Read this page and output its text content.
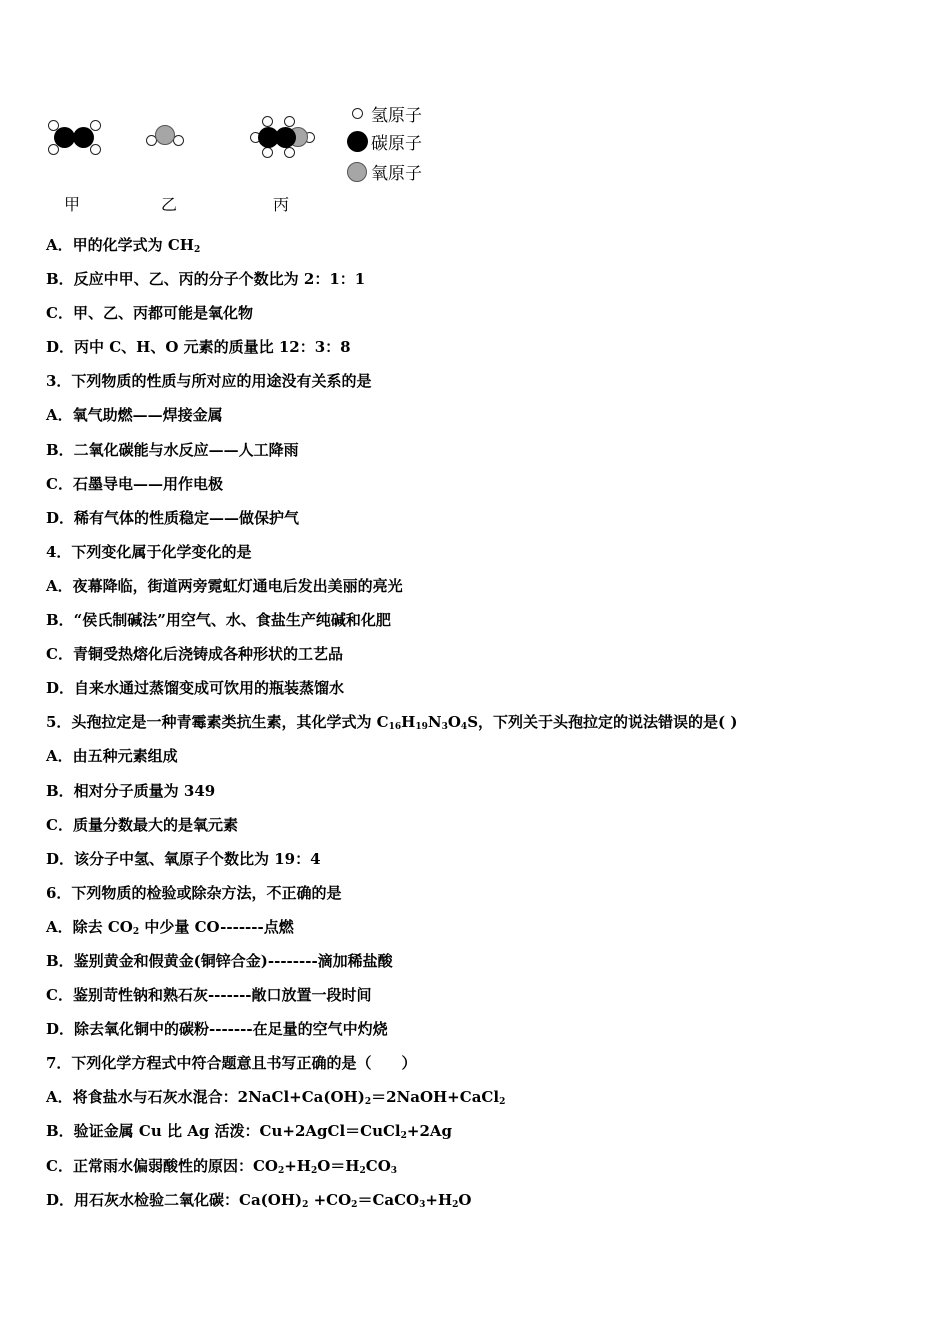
甲	乙	丙
氢原子
碳原子
氧原子
A．甲的化学式为 $CH_2$
B．反应中甲、乙、丙的分子个数比为 2：1：1
C．甲、乙、丙都可能是氧化物
D．丙中 C、H、O 元素的质量比 12：3：8
3．下列物质的性质与所对应的用途没有关系的是
A．氧气助燃——焊接金属
B．二氧化碳能与水反应——人工降雨
C．石墨导电——用作电极
D．稀有气体的性质稳定——做保护气
4．下列变化属于化学变化的是
A．夜幕降临，街道两旁霓虹灯通电后发出美丽的亮光
B．“侯氏制碱法”用空气、水、食盐生产纯碱和化肥
C．青铜受热熔化后浇铸成各种形状的工艺品
D．自来水通过蒸馏变成可饮用的瓶装蒸馏水
5．头孢拉定是一种青霉素类抗生素，其化学式为 $C_{16}H_{19}N_3O_4S$，下列关于头孢拉定的说法错误的是( )
A．由五种元素组成
B．相对分子质量为 349
C．质量分数最大的是氧元素
D．该分子中氢、氧原子个数比为 19：4
6．下列物质的检验或除杂方法，不正确的是
A．除去 $CO_2$ 中少量 CO-------点燃
B．鉴别黄金和假黄金(铜锌合金)--------滴加稀盐酸
C．鉴别苛性钠和熟石灰-------敞口放置一段时间
D．除去氧化铜中的碳粉-------在足量的空气中灼烧
7．下列化学方程式中符合题意且书写正确的是（　　）
A．将食盐水与石灰水混合：$2NaCl+Ca(OH)_2=2NaOH+CaCl_2$
B．验证金属 Cu 比 Ag 活泼：Cu+2AgCl＝CuCl$_2$+2Ag
C．正常雨水偏弱酸性的原因：$CO_2+H_2O=H_2CO_3$
D．用石灰水检验二氧化碳：$Ca(OH)_2$ $+CO_2=CaCO_3+H_2O$
